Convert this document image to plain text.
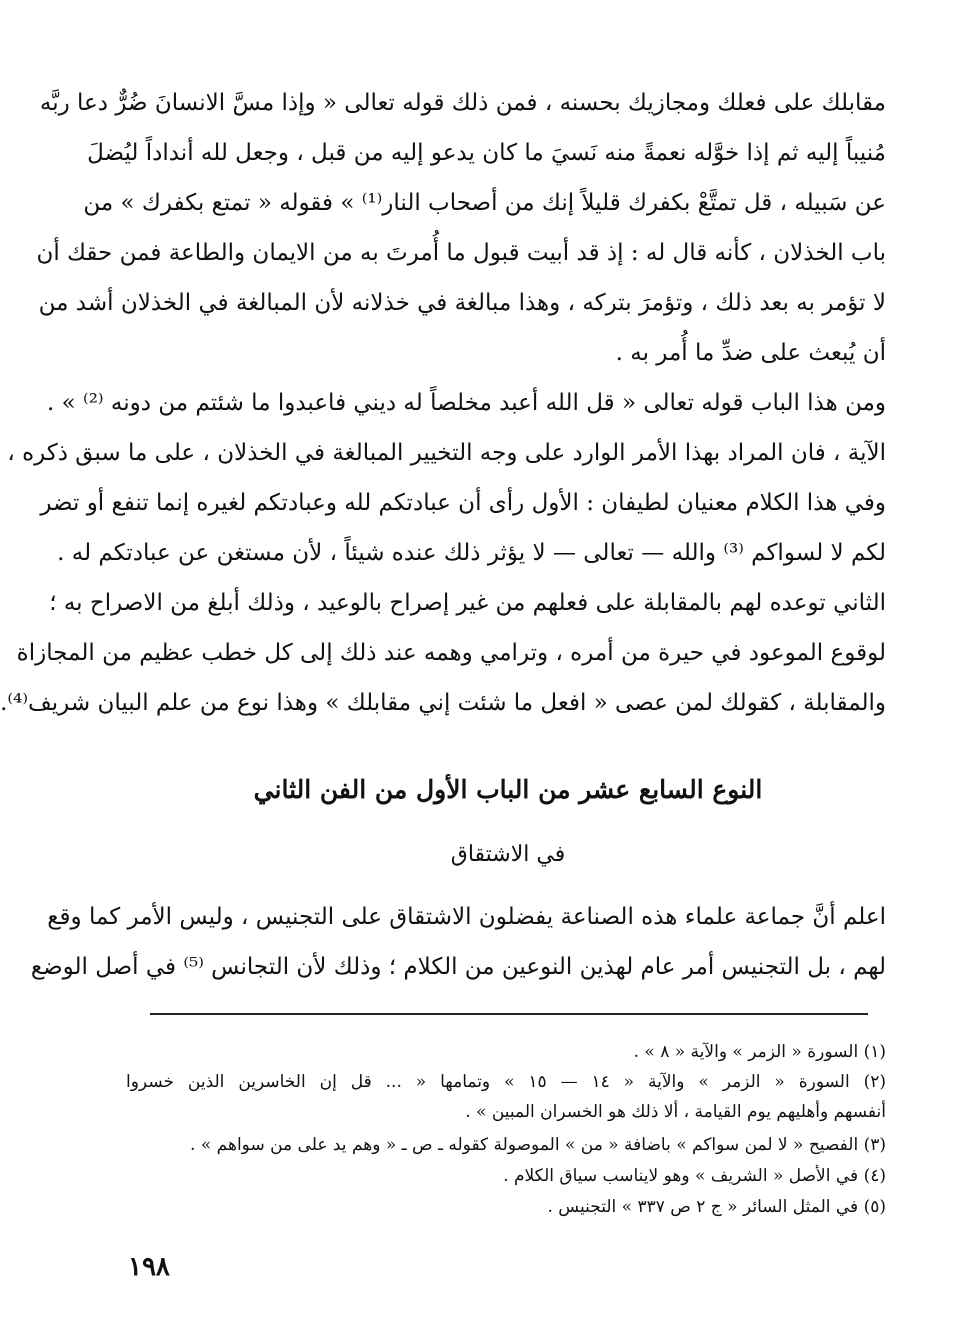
مقابلك على فعلك ومجازيك بحسنه ، فمن ذلك قوله تعالى « وإذا مسَّ الانسانَ ضُرٌّ دعا ربَّه
مُنيباً إليه ثم إذا خوَّله نعمةً منه نَسيَ ما كان يدعو إليه من قبل ، وجعل لله أنداداً ليُضلَ
عن سَبيله ، قل تمتَّعْ بكفرك قليلاً إنك من أصحاب النار⁽¹⁾ » فقوله « تمتع بكفرك » من
باب الخذلان ، كأنه قال له : إذ قد أبيت قبول ما أُمرتَ به من الايمان والطاعة فمن حقك أن
لا تؤمر به بعد ذلك ، وتؤمرَ بتركه ، وهذا مبالغة في خذلانه لأن المبالغة في الخذلان أشد من
أن يُبعث على ضدِّ ما أُمر به .
ومن هذا الباب قوله تعالى « قل الله أعبد مخلصاً له ديني فاعبدوا ما شئتم من دونه ⁽²⁾ » .
الآية ، فان المراد بهذا الأمر الوارد على وجه التخيير المبالغة في الخذلان ، على ما سبق ذكره ،
وفي هذا الكلام معنيان لطيفان : الأول رأى أن عبادتكم لله وعبادتكم لغيره إنما تنفع أو تضر
لكم لا لسواكم ⁽³⁾ والله — تعالى — لا يؤثر ذلك عنده شيئاً ، لأن مستغن عن عبادتكم له .
الثاني توعده لهم بالمقابلة على فعلهم من غير إصراح بالوعيد ، وذلك أبلغ من الاصراح به ؛
لوقوع الموعود في حيرة من أمره ، وترامي وهمه عند ذلك إلى كل خطب عظيم من المجازاة
والمقابلة ، كقولك لمن عصى « افعل ما شئت إني مقابلك » وهذا نوع من علم البيان شريف⁽⁴⁾.
النوع السابع عشر من الباب الأول من الفن الثاني
في الاشتقاق
اعلم أنَّ جماعة علماء هذه الصناعة يفضلون الاشتقاق على التجنيس ، وليس الأمر كما وقع
لهم ، بل التجنيس أمر عام لهذين النوعين من الكلام ؛ وذلك لأن التجانس ⁽⁵⁾ في أصل الوضع
(١) السورة « الزمر » والآية « ٨ » .
(٢) السورة « الزمر » والآية « ١٤ — ١٥ » وتمامها « ... قل إن الخاسرين الذين خسروا
أنفسهم وأهليهم يوم القيامة ، ألا ذلك هو الخسران المبين » .
(٣) الفصيح « لا لمن سواكم » باضافة « من » الموصولة كقوله ـ ص ـ « وهم يد على من سواهم » .
(٤) في الأصل « الشريف » وهو لايناسب سياق الكلام .
(٥) في المثل السائر « ج ٢ ص ٣٣٧ » التجنيس .
١٩٨
